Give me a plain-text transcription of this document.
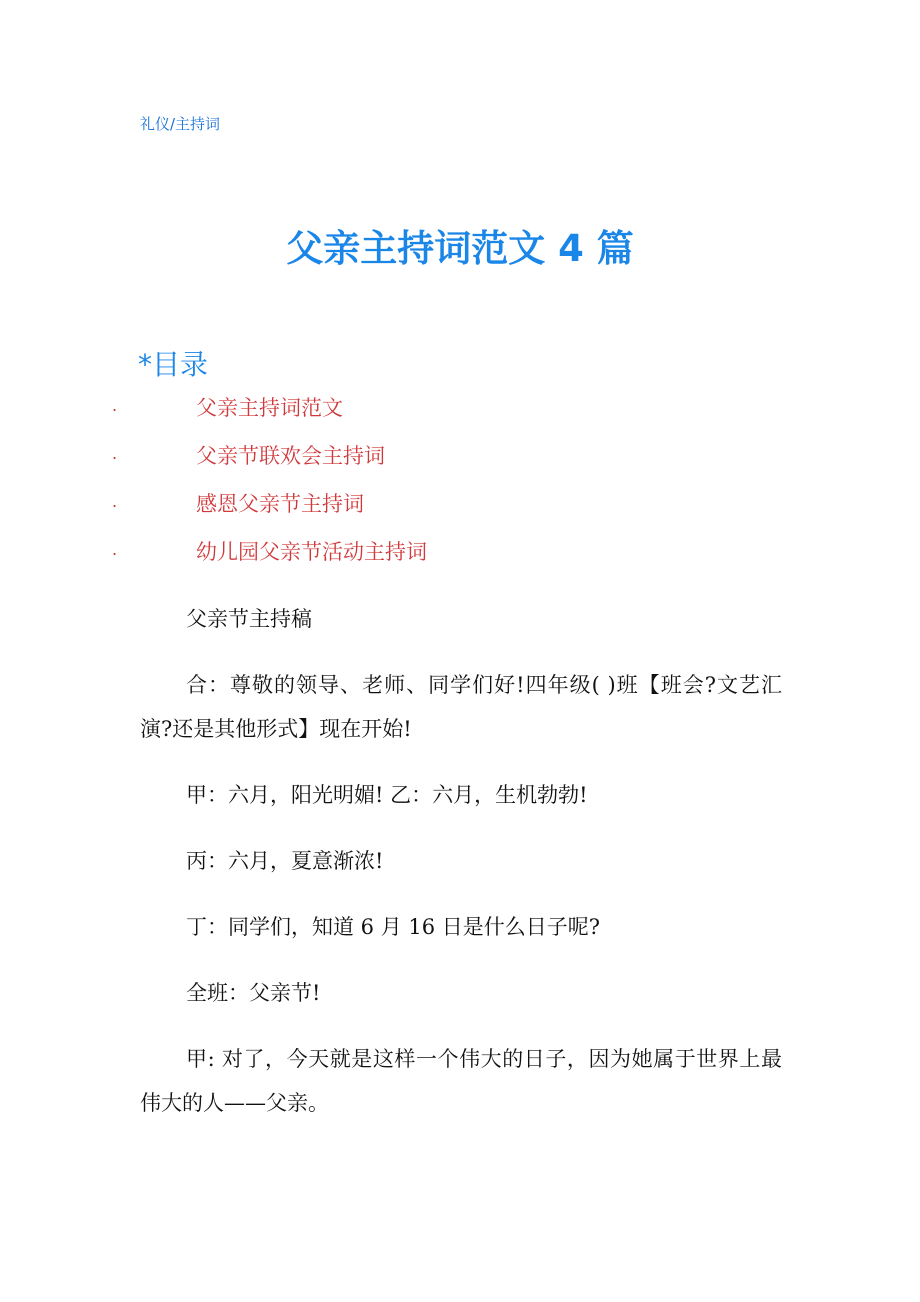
礼仪/主持词
父亲主持词范文 4 篇
*目录
.	父亲主持词范文
.	父亲节联欢会主持词
.	感恩父亲节主持词
.	幼儿园父亲节活动主持词

父亲节主持稿

合：尊敬的领导、老师、同学们好!四年级( )班【班会?文艺汇演?还是其他形式】现在开始!

甲：六月，阳光明媚! 乙：六月，生机勃勃!

丙：六月，夏意渐浓!

丁：同学们，知道 6 月 16 日是什么日子呢?

全班：父亲节!

甲: 对了，今天就是这样一个伟大的日子，因为她属于世界上最伟大的人——父亲。
